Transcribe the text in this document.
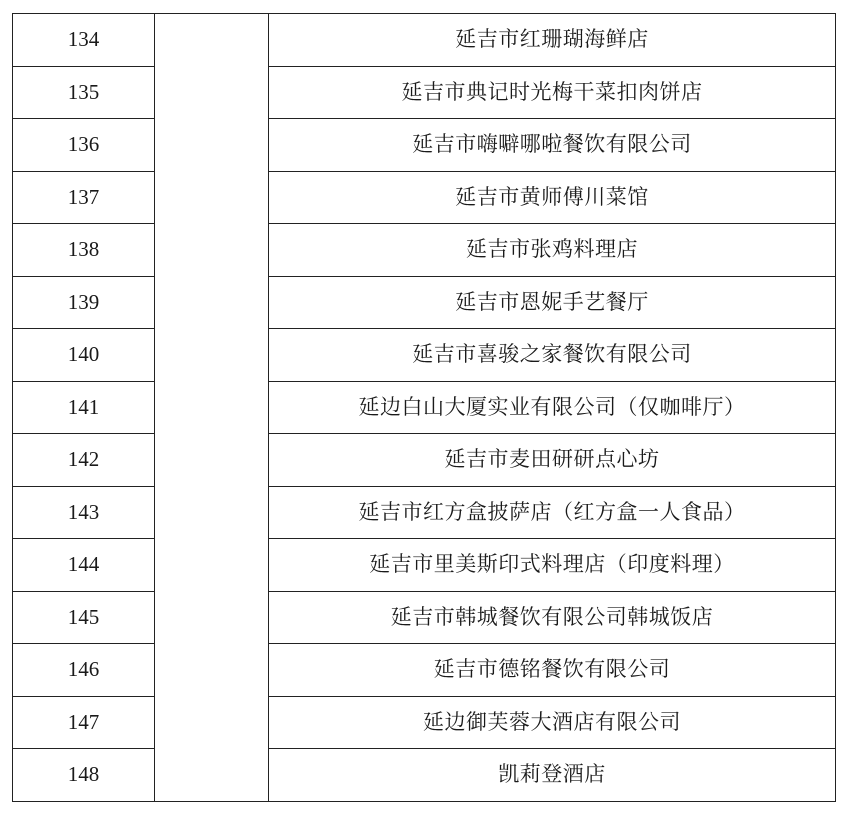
134		延吉市红珊瑚海鲜店
135		延吉市典记时光梅干菜扣肉饼店
136		延吉市嗨噼哪啦餐饮有限公司
137		延吉市黄师傅川菜馆
138		延吉市张鸡料理店
139		延吉市恩妮手艺餐厅
140		延吉市喜骏之家餐饮有限公司
141		延边白山大厦实业有限公司（仅咖啡厅）
142		延吉市麦田研研点心坊
143		延吉市红方盒披萨店（红方盒一人食品）
144		延吉市里美斯印式料理店（印度料理）
145		延吉市韩城餐饮有限公司韩城饭店
146		延吉市德铭餐饮有限公司
147		延边御芙蓉大酒店有限公司
148		凯莉登酒店
